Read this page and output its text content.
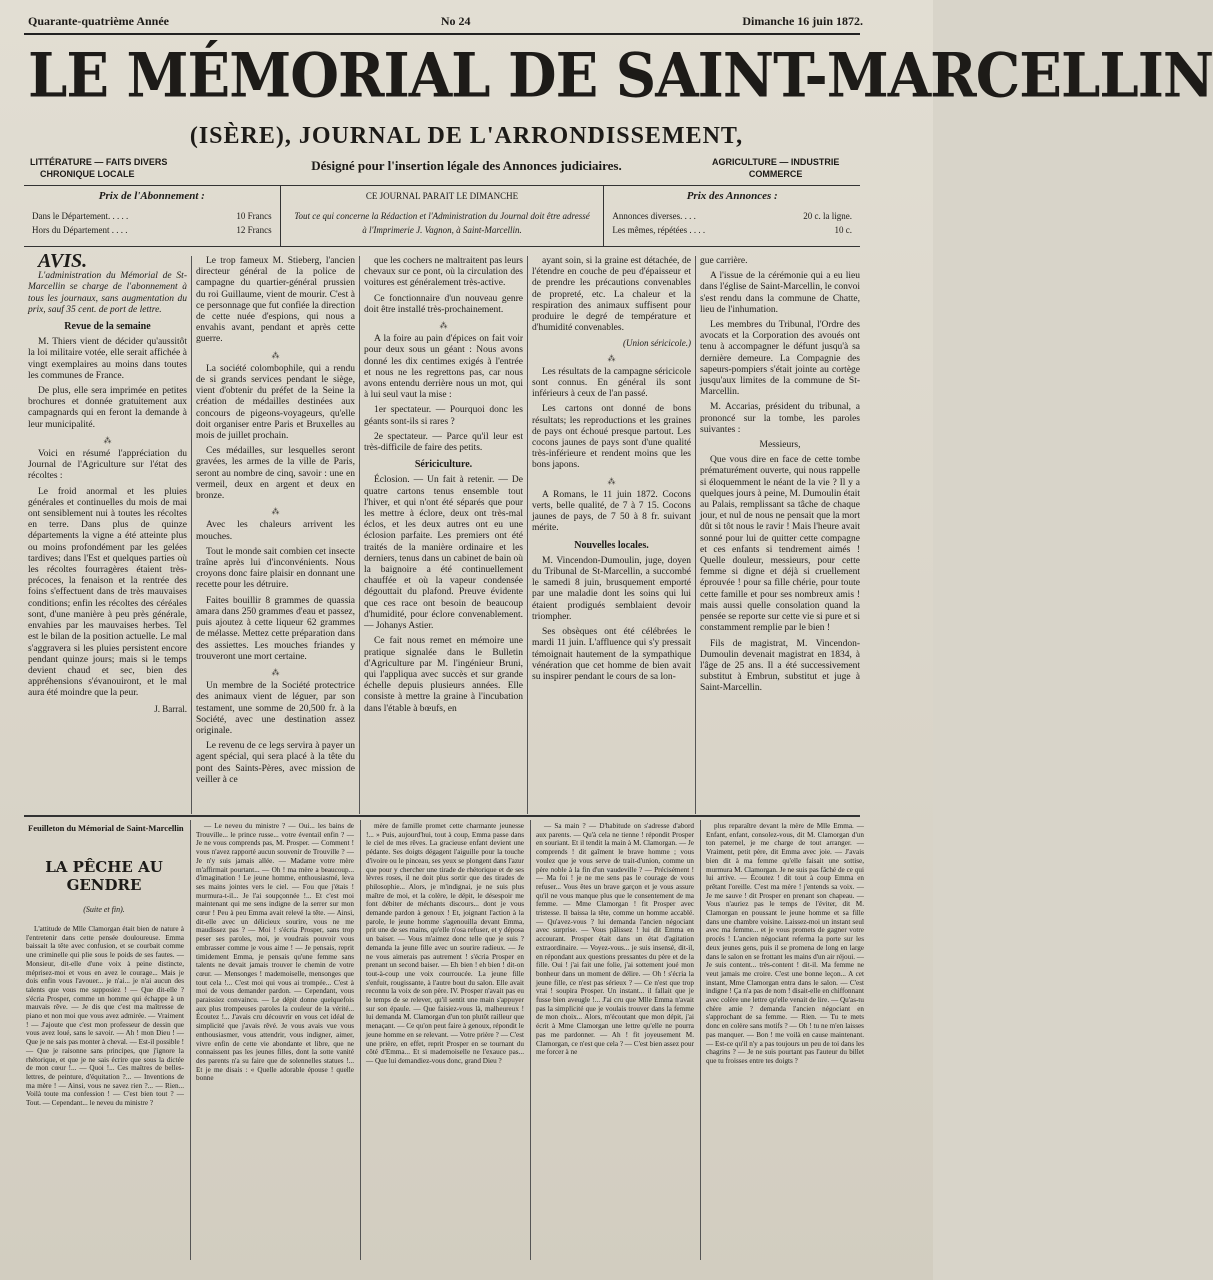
Quarante-quatrième Année	No 24	Dimanche 16 juin 1872.
LE MÉMORIAL DE SAINT-MARCELLIN
(ISÈRE), JOURNAL DE L'ARRONDISSEMENT,
Désigné pour l'insertion légale des Annonces judiciaires.
LITTÉRATURE — FAITS DIVERS
CHRONIQUE LOCALE
AGRICULTURE — INDUSTRIE
COMMERCE
Prix de l'Abonnement :
Dans le Département. . . . .	10 Francs
Hors du Département . . . .	12 Francs
CE JOURNAL PARAIT LE DIMANCHE
Tout ce qui concerne la Rédaction et l'Administration du Journal doit être adressé
à l'Imprimerie J. Vagnon, à Saint-Marcellin.
Prix des Annonces :
Annonces diverses. . . .	20 c. la ligne.
Les mêmes, répétées . . . .	10 c.

AVIS.

L'administration du Mémorial de St-Marcellin se charge de l'abonnement à tous les journaux, sans augmentation du prix, sauf 35 cent. de port de lettre.

Revue de la semaine

M. Thiers vient de décider qu'aussitôt la loi militaire votée, elle serait affichée à vingt exemplaires au moins dans toutes les communes de France.

De plus, elle sera imprimée en petites brochures et donnée gratuitement aux campagnards qui en feront la demande à leur municipalité.

⁂

Voici en résumé l'appréciation du Journal de l'Agriculture sur l'état des récoltes :

Le froid anormal et les pluies générales et continuelles du mois de mai ont sensiblement nui à toutes les récoltes en terre. Dans plus de quinze départements la vigne a été atteinte plus ou moins profondément par les gelées tardives; dans l'Est et quelques parties où les récoltes fourragères étaient très-précoces, la fenaison et la rentrée des foins s'effectuent dans de très mauvaises conditions; enfin les récoltes des céréales sont, d'une manière à peu près générale, envahies par les mauvaises herbes. Tel est le bilan de la position actuelle. Le mal s'aggravera si les pluies persistent encore pendant quinze jours; mais si le temps devient chaud et sec, bien des appréhensions s'évanouiront, et le mal aura été moindre que la peur.

J. Barral.

Le trop fameux M. Stieberg, l'ancien directeur général de la police de campagne du quartier-général prussien du roi Guillaume, vient de mourir. C'est à ce personnage que fut confiée la direction de cette nuée d'espions, qui nous a envahis avant, pendant et après cette guerre.

⁂

La société colombophile, qui a rendu de si grands services pendant le siège, vient d'obtenir du préfet de la Seine la création de médailles destinées aux concours de pigeons-voyageurs, qu'elle doit organiser entre Paris et Bruxelles au mois de juillet prochain.

Ces médailles, sur lesquelles seront gravées, les armes de la ville de Paris, seront au nombre de cinq, savoir : une en vermeil, deux en argent et deux en bronze.

⁂

Avec les chaleurs arrivent les mouches.

Tout le monde sait combien cet insecte traîne après lui d'inconvénients. Nous croyons donc faire plaisir en donnant une recette pour les détruire.

Faites bouillir 8 grammes de quassia amara dans 250 grammes d'eau et passez, puis ajoutez à cette liqueur 62 grammes de mélasse. Mettez cette préparation dans des assiettes. Les mouches friandes y trouveront une mort certaine.

⁂

Un membre de la Société protectrice des animaux vient de léguer, par son testament, une somme de 20,500 fr. à la Société, avec une destination assez originale.

Le revenu de ce legs servira à payer un agent spécial, qui sera placé à la tête du pont des Saints-Pères, avec mission de veiller à ce

que les cochers ne maltraitent pas leurs chevaux sur ce pont, où la circulation des voitures est généralement très-active.

Ce fonctionnaire d'un nouveau genre doit être installé très-prochainement.

⁂

A la foire au pain d'épices on fait voir pour deux sous un géant : Nous avons donné les dix centimes exigés à l'entrée et nous ne les regrettons pas, car nous avons entendu derrière nous un mot, qui à lui seul vaut la mise :

1er spectateur. — Pourquoi donc les géants sont-ils si rares ?

2e spectateur. — Parce qu'il leur est très-difficile de faire des petits.

Sériciculture.

Éclosion. — Un fait à retenir. — De quatre cartons tenus ensemble tout l'hiver, et qui n'ont été séparés que pour les mettre à éclore, deux ont très-mal éclos, et les deux autres ont eu une éclosion parfaite. Les premiers ont été traités de la manière ordinaire et les derniers, tenus dans un cabinet de bain où la baignoire a été continuellement chauffée et où la vapeur condensée dégouttait du plafond. Preuve évidente que ces race ont besoin de beaucoup d'humidité, pour éclore convenablement. — Johanys Astier.

Ce fait nous remet en mémoire une pratique signalée dans le Bulletin d'Agriculture par M. l'ingénieur Bruni, qui l'appliqua avec succès et sur grande échelle depuis plusieurs années. Elle consiste à mettre la graine à l'incubation dans l'étable à bœufs, en

ayant soin, si la graine est détachée, de l'étendre en couche de peu d'épaisseur et de prendre les précautions convenables de propreté, etc. La chaleur et la respiration des animaux suffisent pour produire le degré de température et d'humidité convenables.

(Union séricicole.)
⁂

Les résultats de la campagne séricicole sont connus. En général ils sont inférieurs à ceux de l'an passé.

Les cartons ont donné de bons résultats; les reproductions et les graines de pays ont échoué presque partout. Les cocons jaunes de pays sont d'une qualité très-inférieure et rendent moins que les bons japons.

⁂

A Romans, le 11 juin 1872. Cocons verts, belle qualité, de 7 à 7 15. Cocons jaunes de pays, de 7 50 à 8 fr. suivant mérite.

Nouvelles locales.

M. Vincendon-Dumoulin, juge, doyen du Tribunal de St-Marcellin, a succombé le samedi 8 juin, brusquement emporté par une maladie dont les soins qui lui étaient prodigués semblaient devoir triompher.

Ses obsèques ont été célébrées le mardi 11 juin. L'affluence qui s'y pressait témoignait hautement de la sympathique vénération que cet homme de bien avait su inspirer pendant le cours de sa lon-

gue carrière.

A l'issue de la cérémonie qui a eu lieu dans l'église de Saint-Marcellin, le convoi s'est rendu dans la commune de Chatte, lieu de l'inhumation.

Les membres du Tribunal, l'Ordre des avocats et la Corporation des avoués ont tenu à accompagner le défunt jusqu'à sa dernière demeure. La Compagnie des sapeurs-pompiers s'était jointe au cortège jusqu'aux limites de la commune de St-Marcellin.

M. Accarias, président du tribunal, a prononcé sur la tombe, les paroles suivantes :

Messieurs,

Que vous dire en face de cette tombe prématurément ouverte, qui nous rappelle si éloquemment le néant de la vie ? Il y a quelques jours à peine, M. Dumoulin était au Palais, remplissant sa tâche de chaque jour, et nul de nous ne pensait que la mort dût si tôt nous le ravir ! Mais l'heure avait sonné pour lui de quitter cette compagne et ces enfants si tendrement aimés ! Quelle douleur, messieurs, pour cette femme si digne et déjà si cruellement éprouvée ! pour sa fille chérie, pour toute cette famille et pour ses nombreux amis ! mais aussi quelle consolation quand la pensée se reporte sur cette vie si pure et si constamment remplie par le bien !

Fils de magistrat, M. Vincendon-Dumoulin devenait magistrat en 1834, à l'âge de 25 ans. Il a été successivement substitut à Embrun, substitut et juge à Saint-Marcellin.

Feuilleton du Mémorial de Saint-Marcellin
LA PÊCHE AU GENDRE
(Suite et fin).

L'attitude de Mlle Clamorgan était bien de nature à l'entretenir dans cette pensée douloureuse. Emma baissait la tête avec confusion, et se courbait comme une criminelle qui plie sous le poids de ses fautes. — Monsieur, dit-elle d'une voix à peine distincte, méprisez-moi et vous en avez le courage... Mais je dois enfin vous l'avouer... je n'ai... je n'ai aucun des talents que vous me supposiez ! — Que dit-elle ? s'écria Prosper, comme un homme qui échappe à un mauvais rêve. — Je dis que c'est ma maîtresse de piano et non moi que vous avez admirée. — Vraiment ! — J'ajoute que c'est mon professeur de dessin que vous avez loué, sans le savoir. — Ah ! mon Dieu ! — Que je ne sais pas monter à cheval. — Est-il possible ! — Que je raisonne sans principes, que j'ignore la rhétorique, et que je ne sais écrire que sous la dictée de mon cœur !... — Quoi !... Ces maîtres de belles-lettres, de peinture, d'équitation ?... — Inventions de ma mère ! — Ainsi, vous ne savez rien ?... — Rien... Voilà toute ma confession ! — C'est bien tout ? — Tout. — Cependant... le neveu du ministre ?

— Le neveu du ministre ? — Oui... les bains de Trouville... le prince russe... votre éventail enfin ? — Je ne vous comprends pas, M. Prosper. — Comment ! vous n'avez rapporté aucun souvenir de Trouville ? — Je n'y suis jamais allée. — Madame votre mère m'affirmait pourtant... — Oh ! ma mère a beaucoup... d'imagination ! Le jeune homme, enthousiasmé, leva ses mains jointes vers le ciel. — Fou que j'étais ! murmura-t-il... Je l'ai soupçonnée !... Et c'est moi maintenant qui me sens indigne de la serrer sur mon cœur ! Peu à peu Emma avait relevé la tête. — Ainsi, dit-elle avec un délicieux sourire, vous ne me maudissez pas ? — Moi ! s'écria Prosper, sans trop peser ses paroles, moi, je voudrais pouvoir vous embrasser comme je vous aime ! — Je pensais, reprit timidement Emma, je pensais qu'une femme sans talents ne devait jamais trouver le chemin de votre cœur. — Mensonges ! mademoiselle, mensonges que tout cela !... C'est moi qui vous ai trompée... C'est à moi de vous demander pardon. — Cependant, vous paraissiez convaincu. — Le dépit donne quelquefois aux plus trompeuses paroles la couleur de la vérité... Écoutez !... J'avais cru découvrir en vous cet idéal de simplicité que j'avais rêvé. Je vous avais vue vous enthousiasmer, vous attendrir, vous indigner, aimer, vivre enfin de cette vie abondante et libre, que ne connaissent pas les jeunes filles, dont la sotte vanité des parents n'a su faire que de solennelles statues !... Et je me disais : « Quelle adorable épouse ! quelle bonne

mère de famille promet cette charmante jeunesse !... » Puis, aujourd'hui, tout à coup, Emma passe dans le ciel de mes rêves. La gracieuse enfant devient une pédante. Ses doigts dégagent l'aiguille pour la touche d'ivoire ou le pinceau, ses yeux se plongent dans l'azur que pour y chercher une tirade de rhétorique et de ses lèvres roses, il ne doit plus sortir que des tirades de philosophie... Alors, je m'indignai, je ne suis plus maître de moi, et la colère, le dépit, le désespoir me font débiter de méchants discours... dont je vous demande pardon à genoux ! Et, joignant l'action à la parole, le jeune homme s'agenouilla devant Emma, prit une de ses mains, qu'elle n'osa refuser, et y déposa un baiser. — Vous m'aimez donc telle que je suis ? demanda la jeune fille avec un sourire radieux. — Je ne vous aimerais pas autrement ! s'écria Prosper en prenant un second baiser. — Eh bien ! eh bien ! dit-on tout-à-coup une voix courroucée. La jeune fille s'enfuit, rougissante, à l'autre bout du salon. Elle avait reconnu la voix de son père. IV. Prosper n'avait pas eu le temps de se relever, qu'il sentit une main s'appuyer sur son épaule. — Que faisiez-vous là, malheureux ! lui demanda M. Clamorgan d'un ton plutôt railleur que menaçant. — Ce qu'on peut faire à genoux, répondit le jeune homme en se relevant. — Votre prière ? — C'est une prière, en effet, reprit Prosper en se tournant du côté d'Emma... Et si mademoiselle ne l'exauce pas... — Que lui demandiez-vous donc, grand Dieu ?

— Sa main ? — D'habitude on s'adresse d'abord aux parents. — Qu'à cela ne tienne ! répondit Prosper en souriant. Et il tendit la main à M. Clamorgan. — Je comprends ! dit gaîment le brave homme ; vous voulez que je vous serve de trait-d'union, comme un père noble à la fin d'un vaudeville ? — Précisément ! — Ma foi ! je ne me sens pas le courage de vous refuser... Vous êtes un brave garçon et je vous assure qu'il ne vous manque plus que le consentement de ma femme. — Mme Clamorgan ! fit Prosper avec tristesse. Il baissa la tête, comme un homme accablé. — Qu'avez-vous ? lui demanda l'ancien négociant avec surprise. — Vous pâlissez ! lui dit Emma en accourant. Prosper était dans un état d'agitation extraordinaire. — Voyez-vous... je suis insensé, dit-il, en répondant aux questions pressantes du père et de la fille. Oui ! j'ai fait une folie, j'ai sottement joué mon bonheur dans un moment de délire. — Oh ! s'écria la jeune fille, ce n'est pas sérieux ? — Ce n'est que trop vrai ! soupira Prosper. Un instant... il fallait que je fusse bien aveugle !... J'ai cru que Mlle Emma n'avait pas la simplicité que je voulais trouver dans la femme de mon choix... Alors, m'écoutant que mon dépit, j'ai écrit à Mme Clamorgan une lettre qu'elle ne pourra pas me pardonner. — Ah ! fit joyeusement M. Clamorgan, ce n'est que cela ? — C'est bien assez pour me forcer à ne

plus reparaître devant la mère de Mlle Emma. — Enfant, enfant, consolez-vous, dit M. Clamorgan d'un ton paternel, je me charge de tout arranger. — Vraiment, petit père, dit Emma avec joie. — J'avais bien dit à ma femme qu'elle faisait une sottise, murmura M. Clamorgan. Je ne suis pas fâché de ce qui lui arrive. — Écoutez ! dit tout à coup Emma en prêtant l'oreille. C'est ma mère ! j'entends sa voix. — Je me sauve ! dit Prosper en prenant son chapeau. — Vous n'auriez pas le temps de l'éviter, dit M. Clamorgan en poussant le jeune homme et sa fille dans une chambre voisine. Laissez-moi un instant seul avec ma femme... et je vous promets de gagner votre procès ! L'ancien négociant referma la porte sur les deux jeunes gens, puis il se promena de long en large dans le salon en se frottant les mains d'un air réjoui. — Je suis content... très-content ! dit-il. Ma femme ne veut jamais me croire. C'est une bonne leçon... A cet instant, Mme Clamorgan entra dans le salon. — C'est indigne ! Ça n'a pas de nom ! disait-elle en chiffonnant avec colère une lettre qu'elle venait de lire. — Qu'as-tu chère amie ? demanda l'ancien négociant en s'approchant de sa femme. — Rien. — Tu te mets donc en colère sans motifs ? — Oh ! tu ne m'en laisses pas manquer. — Bon ! me voilà en cause maintenant. — Est-ce qu'il n'y a pas toujours un peu de toi dans les chagrins ? — Je ne suis pourtant pas l'auteur du billet que tu froisses entre tes doigts ?
